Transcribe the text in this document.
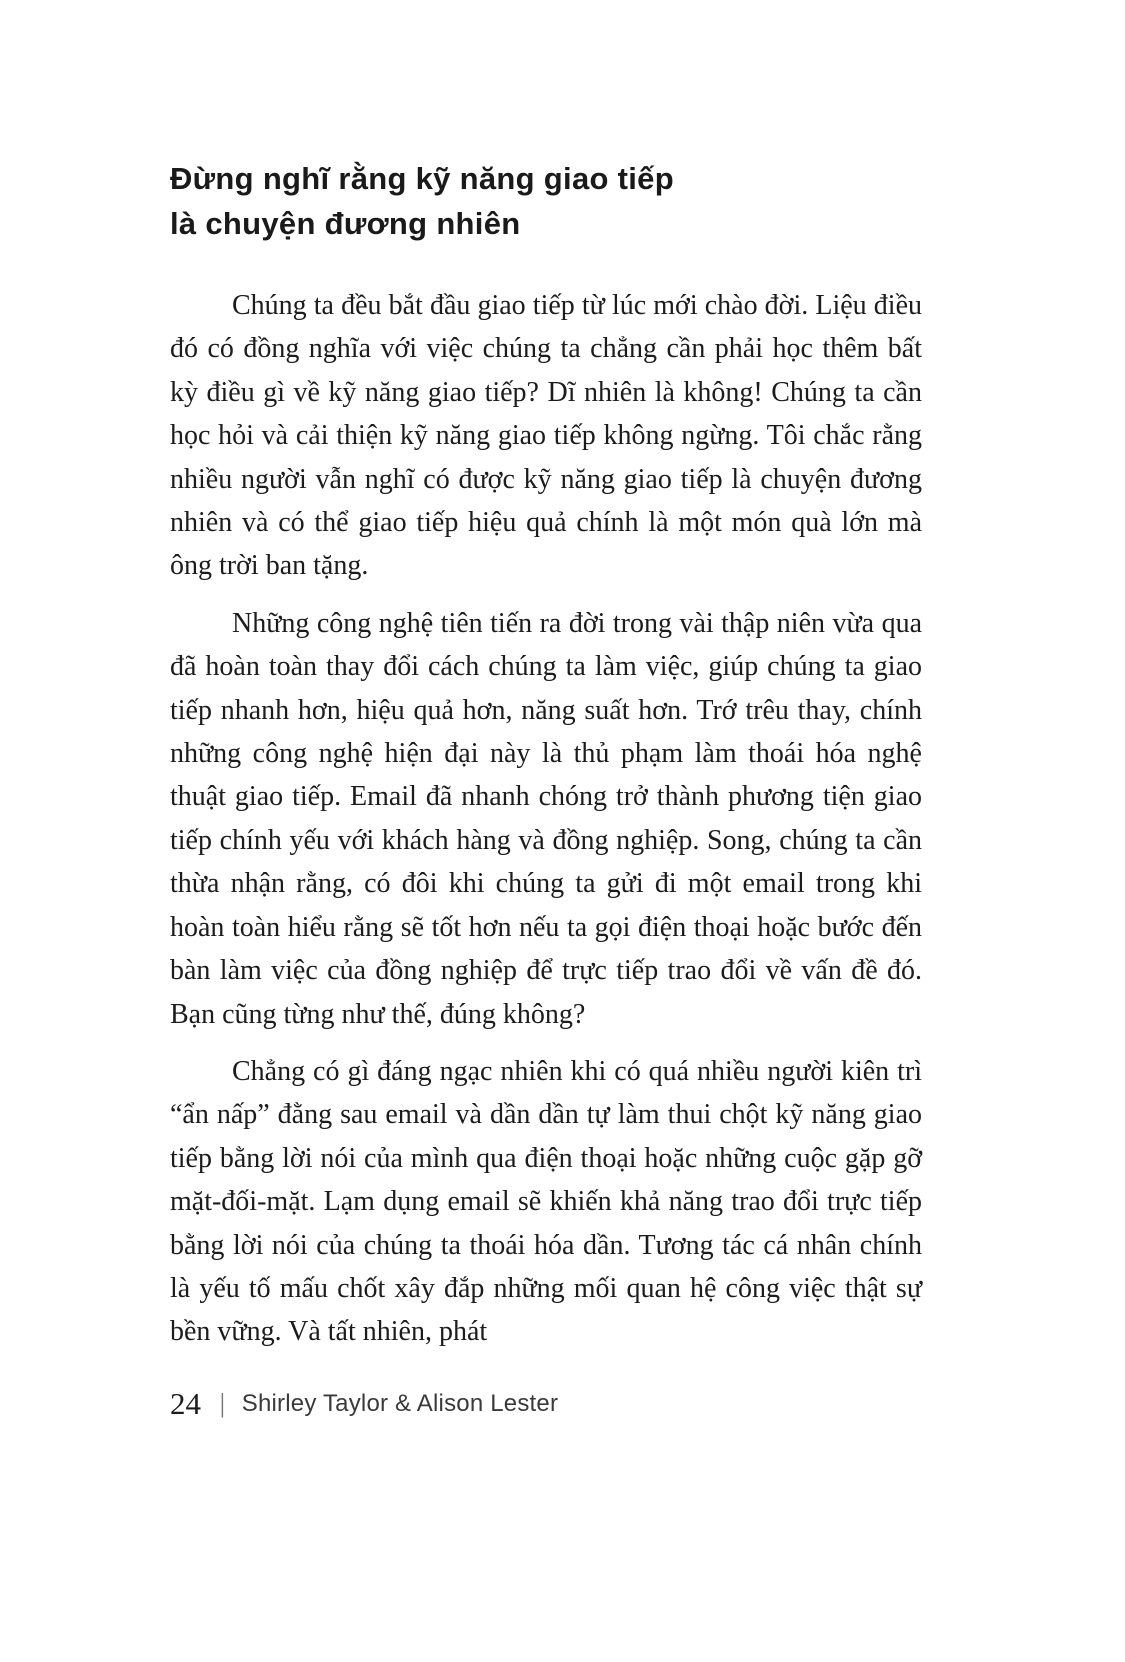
Đừng nghĩ rằng kỹ năng giao tiếp
là chuyện đương nhiên

Chúng ta đều bắt đầu giao tiếp từ lúc mới chào đời. Liệu điều đó có đồng nghĩa với việc chúng ta chẳng cần phải học thêm bất kỳ điều gì về kỹ năng giao tiếp? Dĩ nhiên là không! Chúng ta cần học hỏi và cải thiện kỹ năng giao tiếp không ngừng. Tôi chắc rằng nhiều người vẫn nghĩ có được kỹ năng giao tiếp là chuyện đương nhiên và có thể giao tiếp hiệu quả chính là một món quà lớn mà ông trời ban tặng.

Những công nghệ tiên tiến ra đời trong vài thập niên vừa qua đã hoàn toàn thay đổi cách chúng ta làm việc, giúp chúng ta giao tiếp nhanh hơn, hiệu quả hơn, năng suất hơn. Trớ trêu thay, chính những công nghệ hiện đại này là thủ phạm làm thoái hóa nghệ thuật giao tiếp. Email đã nhanh chóng trở thành phương tiện giao tiếp chính yếu với khách hàng và đồng nghiệp. Song, chúng ta cần thừa nhận rằng, có đôi khi chúng ta gửi đi một email trong khi hoàn toàn hiểu rằng sẽ tốt hơn nếu ta gọi điện thoại hoặc bước đến bàn làm việc của đồng nghiệp để trực tiếp trao đổi về vấn đề đó. Bạn cũng từng như thế, đúng không?

Chẳng có gì đáng ngạc nhiên khi có quá nhiều người kiên trì “ẩn nấp” đằng sau email và dần dần tự làm thui chột kỹ năng giao tiếp bằng lời nói của mình qua điện thoại hoặc những cuộc gặp gỡ mặt-đối-mặt. Lạm dụng email sẽ khiến khả năng trao đổi trực tiếp bằng lời nói của chúng ta thoái hóa dần. Tương tác cá nhân chính là yếu tố mấu chốt xây đắp những mối quan hệ công việc thật sự bền vững. Và tất nhiên, phát

24 | Shirley Taylor & Alison Lester
